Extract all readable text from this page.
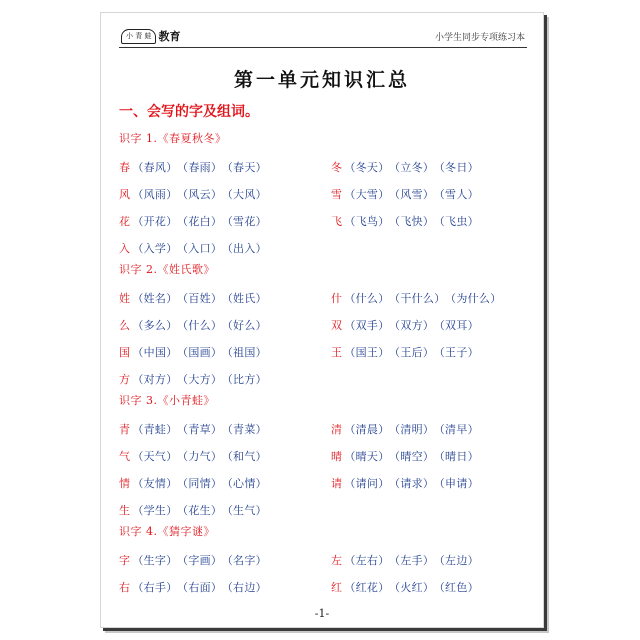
小 青 蛙 教育	小学生同步专项练习本
第一单元知识汇总
一、会写的字及组词。
-1-
识字 1.《春夏秋冬》
春 （春风） （春雨） （春天）	冬 （冬天） （立冬） （冬日）
风 （风雨） （风云） （大风）	雪 （大雪） （风雪） （雪人）
花 （开花） （花白） （雪花）	飞 （飞鸟） （飞快） （飞虫）
入 （入学） （入口） （出入）
识字 2.《姓氏歌》
姓 （姓名） （百姓） （姓氏）	什 （什么） （干什么） （为什么）
么 （多么） （什么） （好么）	双 （双手） （双方） （双耳）
国 （中国） （国画） （祖国）	王 （国王） （王后） （王子）
方 （对方） （大方） （比方）
识字 3.《小青蛙》
青 （青蛙） （青草） （青菜）	清 （清晨） （清明） （清早）
气 （天气） （力气） （和气）	晴 （晴天） （晴空） （晴日）
情 （友情） （同情） （心情）	请 （请问） （请求） （申请）
生 （学生） （花生） （生气）
识字 4.《猜字谜》
字 （生字） （字画） （名字）	左 （左右） （左手） （左边）
右 （右手） （右面） （右边）	红 （红花） （火红） （红色）
